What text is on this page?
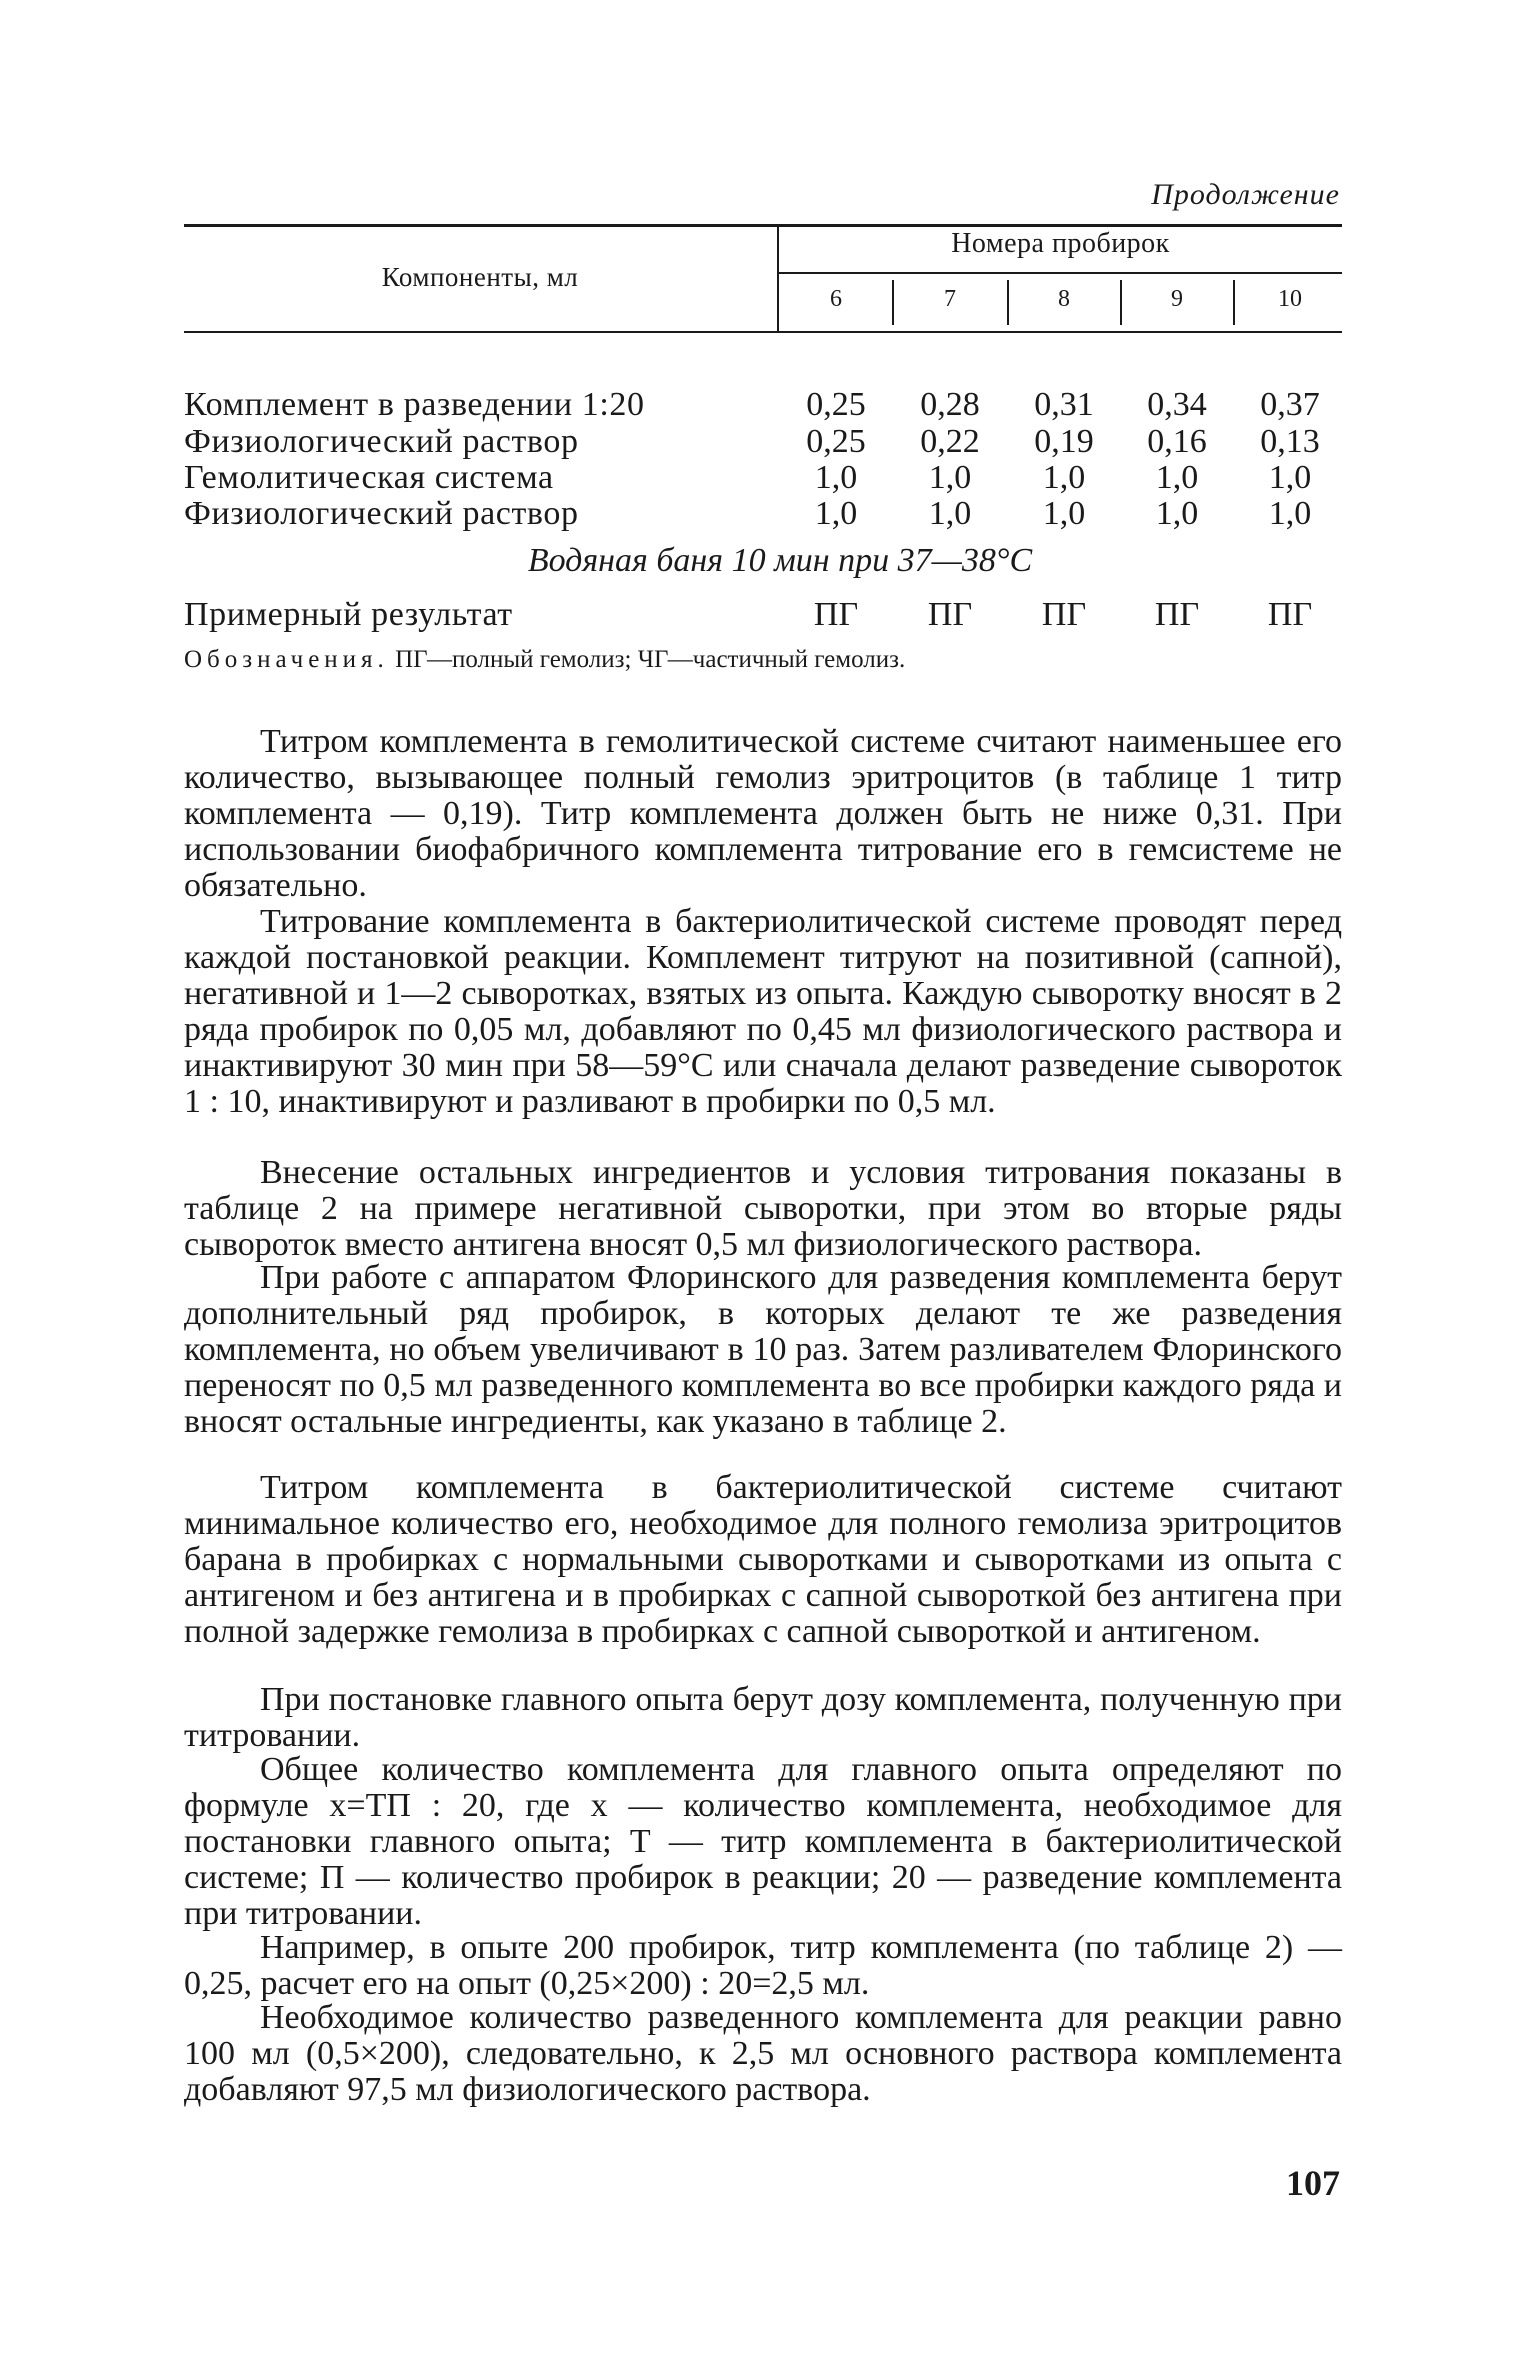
Продолжение
Компоненты, мл
Номера пробирок
6	7	8	9	10
Комплемент в разведении 1:20	0,25	0,28	0,31	0,34	0,37
Физиологический раствор	0,25	0,22	0,19	0,16	0,13
Гемолитическая система	1,0	1,0	1,0	1,0	1,0
Физиологический раствор	1,0	1,0	1,0	1,0	1,0
Водяная баня 10 мин при 37—38°С
Примерный результат	ПГ	ПГ	ПГ	ПГ	ПГ
Обозначения. ПГ—полный гемолиз; ЧГ—частичный гемолиз.

Титром комплемента в гемолитической системе считают наименьшее его количество, вызывающее полный гемолиз эритроцитов (в таблице 1 титр комплемента — 0,19). Титр комплемента должен быть не ниже 0,31. При использовании биофабричного комплемента титрование его в гемсистеме не обязательно.

Титрование комплемента в бактериолитической системе проводят перед каждой постановкой реакции. Комплемент титруют на позитивной (сапной), негативной и 1—2 сыворотках, взятых из опыта. Каждую сыворотку вносят в 2 ряда пробирок по 0,05 мл, добавляют по 0,45 мл физиологического раствора и инактивируют 30 мин при 58—59°С или сначала делают разведение сывороток 1 : 10, инактивируют и разливают в пробирки по 0,5 мл.

Внесение остальных ингредиентов и условия титрования показаны в таблице 2 на примере негативной сыворотки, при этом во вторые ряды сывороток вместо антигена вносят 0,5 мл физиологического раствора.

При работе с аппаратом Флоринского для разведения комплемента берут дополнительный ряд пробирок, в которых делают те же разведения комплемента, но объем увеличивают в 10 раз. Затем разливателем Флоринского переносят по 0,5 мл разведенного комплемента во все пробирки каждого ряда и вносят остальные ингредиенты, как указано в таблице 2.

Титром комплемента в бактериолитической системе считают минимальное количество его, необходимое для полного гемолиза эритроцитов барана в пробирках с нормальными сыворотками и сыворотками из опыта с антигеном и без антигена и в пробирках с сапной сывороткой без антигена при полной задержке гемолиза в пробирках с сапной сывороткой и антигеном.

При постановке главного опыта берут дозу комплемента, полученную при титровании.

Общее количество комплемента для главного опыта определяют по формуле x=ТП : 20, где x — количество комплемента, необходимое для постановки главного опыта; Т — титр комплемента в бактериолитической системе; П — количество пробирок в реакции; 20 — разведение комплемента при титровании.

Например, в опыте 200 пробирок, титр комплемента (по таблице 2) — 0,25, расчет его на опыт (0,25×200) : 20=2,5 мл.

Необходимое количество разведенного комплемента для реакции равно 100 мл (0,5×200), следовательно, к 2,5 мл основного раствора комплемента добавляют 97,5 мл физиологического раствора.

107
